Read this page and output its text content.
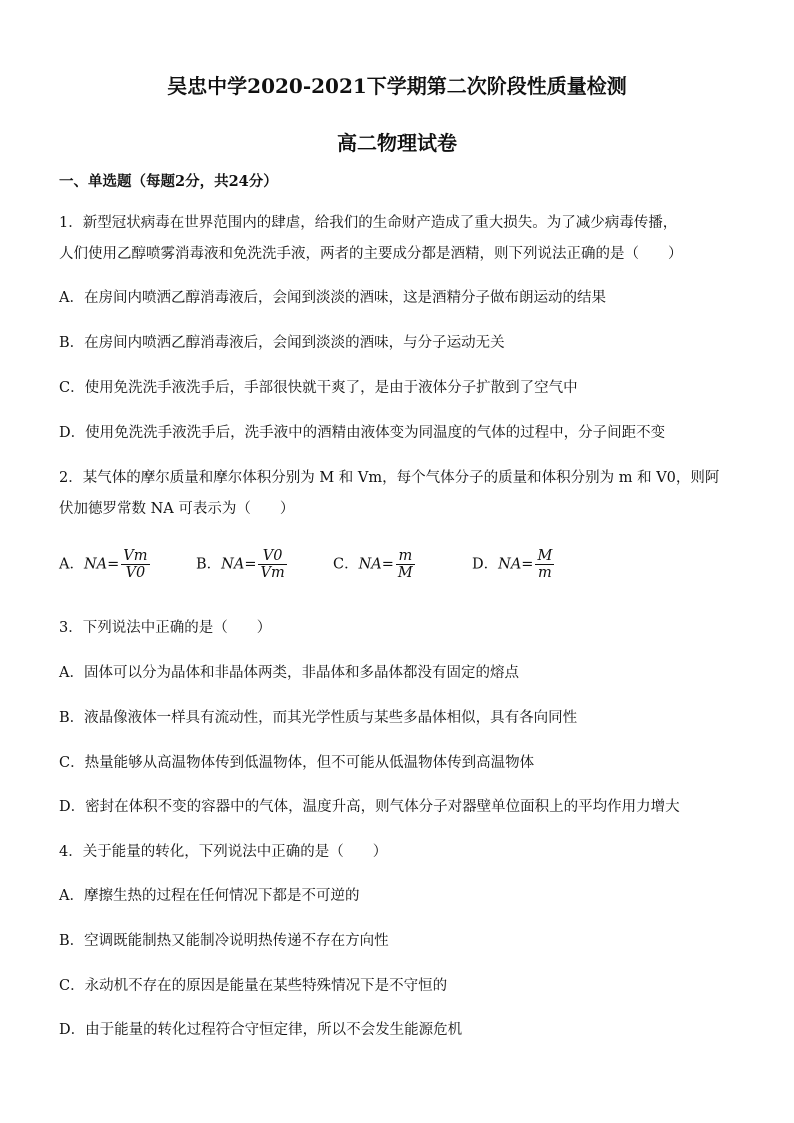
吴忠中学2020-2021下学期第二次阶段性质量检测
高二物理试卷
一、单选题（每题2分，共24分）
1．新型冠状病毒在世界范围内的肆虐，给我们的生命财产造成了重大损失。为了减少病毒传播，
人们使用乙醇喷雾消毒液和免洗洗手液，两者的主要成分都是酒精，则下列说法正确的是（　　）
A．在房间内喷洒乙醇消毒液后，会闻到淡淡的酒味，这是酒精分子做布朗运动的结果
B．在房间内喷洒乙醇消毒液后，会闻到淡淡的酒味，与分子运动无关
C．使用免洗洗手液洗手后，手部很快就干爽了，是由于液体分子扩散到了空气中
D．使用免洗洗手液洗手后，洗手液中的酒精由液体变为同温度的气体的过程中，分子间距不变
2．某气体的摩尔质量和摩尔体积分别为 M 和 Vm，每个气体分子的质量和体积分别为 m 和 V0，则阿
伏加德罗常数 NA 可表示为（　　）
A．$NA= \frac{Vm}{V0}$	B．$NA= \frac{V0}{Vm}$	C．$NA= \frac{m}{M}$	D．$NA= \frac{M}{m}$
3．下列说法中正确的是（　　）
A．固体可以分为晶体和非晶体两类，非晶体和多晶体都没有固定的熔点
B．液晶像液体一样具有流动性，而其光学性质与某些多晶体相似，具有各向同性
C．热量能够从高温物体传到低温物体，但不可能从低温物体传到高温物体
D．密封在体积不变的容器中的气体，温度升高，则气体分子对器壁单位面积上的平均作用力增大
4．关于能量的转化，下列说法中正确的是（　　）
A．摩擦生热的过程在任何情况下都是不可逆的
B．空调既能制热又能制冷说明热传递不存在方向性
C．永动机不存在的原因是能量在某些特殊情况下是不守恒的
D．由于能量的转化过程符合守恒定律，所以不会发生能源危机
